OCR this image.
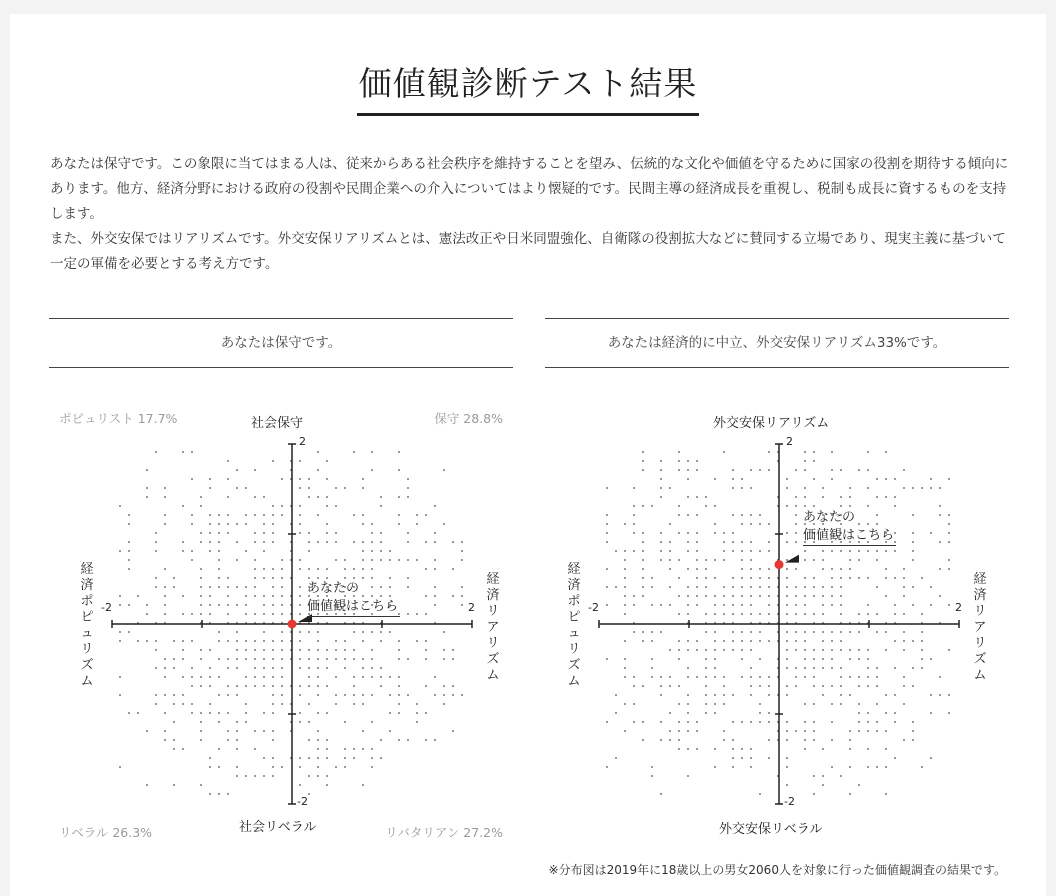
価値観診断テスト結果

あなたは保守です。この象限に当てはまる人は、従来からある社会秩序を維持することを望み、伝統的な文化や価値を守るために国家の役割を期待する傾向にあります。他方、経済分野における政府の役割や民間企業への介入についてはより懐疑的です。民間主導の経済成長を重視し、税制も成長に資するものを支持します。

また、外交安保ではリアリズムです。外交安保リアリズムとは、憲法改正や日米同盟強化、自衛隊の役割拡大などに賛同する立場であり、現実主義に基づいて一定の軍備を必要とする考え方です。

あなたは保守です。
ポピュリスト 17.7%	保守 28.8%
リベラル 26.3%	リバタリアン 27.2%
社会保守
社会リベラル
経済ポピュリズム
経済リアリズム
-2	2
2
-2
あなたの
価値観はこちら
あなたは経済的に中立、外交安保リアリズム33%です。
外交安保リアリズム
外交安保リベラル
経済ポピュリズム
経済リアリズム
-2	2
2
-2
あなたの
価値観はこちら
※分布図は2019年に18歳以上の男女2060人を対象に行った価値観調査の結果です。
